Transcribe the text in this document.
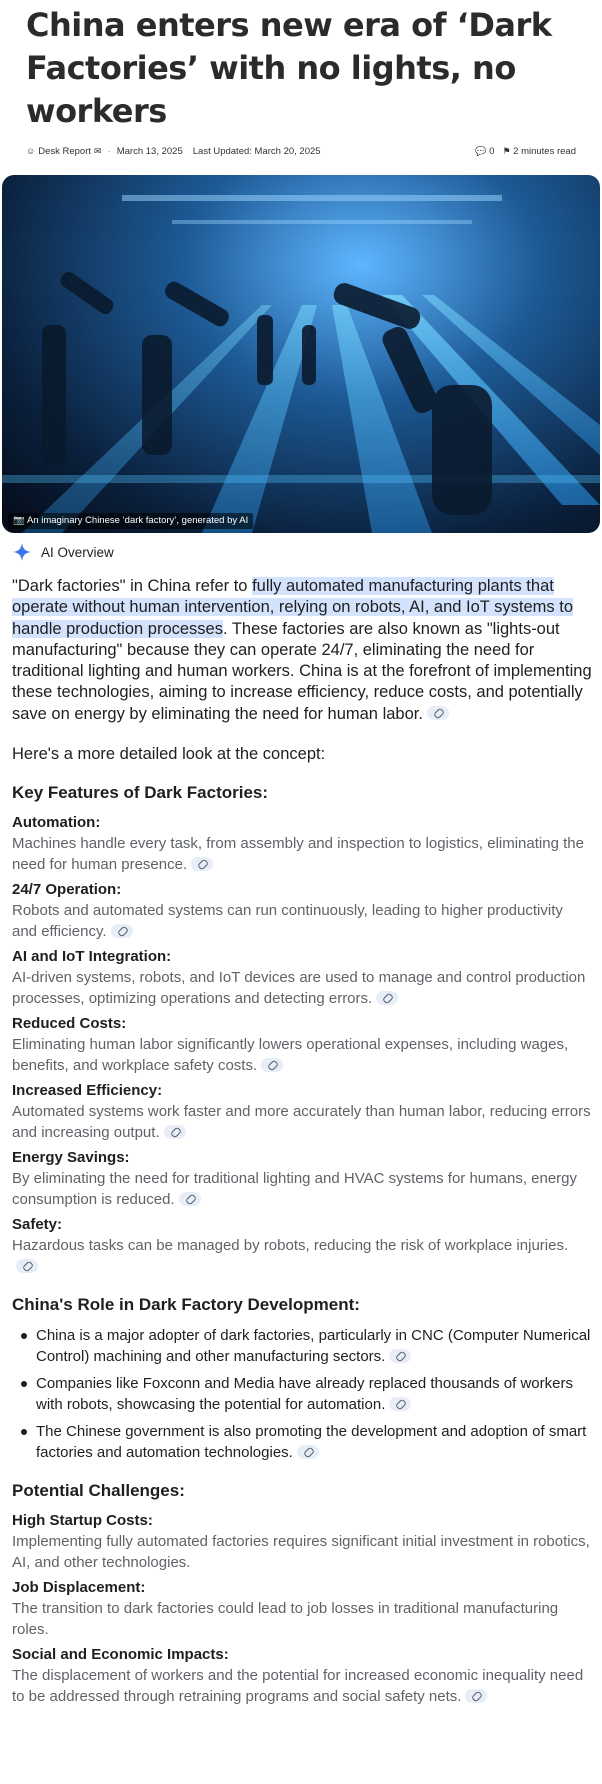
China enters new era of ‘Dark Factories’ with no lights, no workers
☺ Desk Report ✉ · March 13, 2025 Last Updated: March 20, 2025	💬 0 ⚑ 2 minutes read
📷 An imaginary Chinese ‘dark factory’, generated by AI
AI Overview

"Dark factories" in China refer to fully automated manufacturing plants that operate without human intervention, relying on robots, AI, and IoT systems to handle production processes. These factories are also known as "lights-out manufacturing" because they can operate 24/7, eliminating the need for traditional lighting and human workers. China is at the forefront of implementing these technologies, aiming to increase efficiency, reduce costs, and potentially save on energy by eliminating the need for human labor.

Here's a more detailed look at the concept:

Key Features of Dark Factories:
Automation:
Machines handle every task, from assembly and inspection to logistics, eliminating the need for human presence.
24/7 Operation:
Robots and automated systems can run continuously, leading to higher productivity and efficiency.
AI and IoT Integration:
AI-driven systems, robots, and IoT devices are used to manage and control production processes, optimizing operations and detecting errors.
Reduced Costs:
Eliminating human labor significantly lowers operational expenses, including wages, benefits, and workplace safety costs.
Increased Efficiency:
Automated systems work faster and more accurately than human labor, reducing errors and increasing output.
Energy Savings:
By eliminating the need for traditional lighting and HVAC systems for humans, energy consumption is reduced.
Safety:
Hazardous tasks can be managed by robots, reducing the risk of workplace injuries.
China's Role in Dark Factory Development:
China is a major adopter of dark factories, particularly in CNC (Computer Numerical Control) machining and other manufacturing sectors.
Companies like Foxconn and Media have already replaced thousands of workers with robots, showcasing the potential for automation.
The Chinese government is also promoting the development and adoption of smart factories and automation technologies.
Potential Challenges:
High Startup Costs:
Implementing fully automated factories requires significant initial investment in robotics, AI, and other technologies.
Job Displacement:
The transition to dark factories could lead to job losses in traditional manufacturing roles.
Social and Economic Impacts:
The displacement of workers and the potential for increased economic inequality need to be addressed through retraining programs and social safety nets.
